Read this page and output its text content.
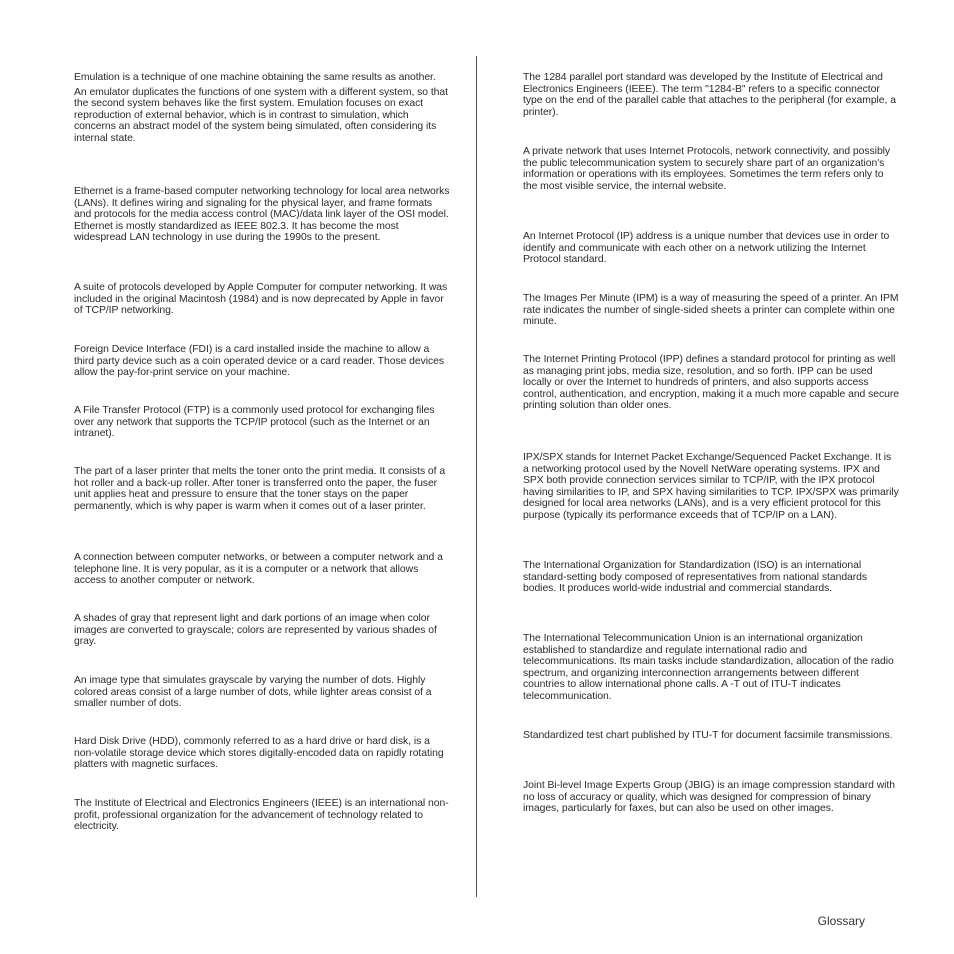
Emulation is a technique of one machine obtaining the same results as another.

An emulator duplicates the functions of one system with a different system, so that the second system behaves like the first system. Emulation focuses on exact reproduction of external behavior, which is in contrast to simulation, which concerns an abstract model of the system being simulated, often considering its internal state.

Ethernet is a frame-based computer networking technology for local area networks (LANs). It defines wiring and signaling for the physical layer, and frame formats and protocols for the media access control (MAC)/data link layer of the OSI model. Ethernet is mostly standardized as IEEE 802.3. It has become the most widespread LAN technology in use during the 1990s to the present.

A suite of protocols developed by Apple Computer for computer networking. It was included in the original Macintosh (1984) and is now deprecated by Apple in favor of TCP/IP networking.

Foreign Device Interface (FDI) is a card installed inside the machine to allow a third party device such as a coin operated device or a card reader. Those devices allow the pay-for-print service on your machine.

A File Transfer Protocol (FTP) is a commonly used protocol for exchanging files over any network that supports the TCP/IP protocol (such as the Internet or an intranet).

The part of a laser printer that melts the toner onto the print media. It consists of a hot roller and a back-up roller. After toner is transferred onto the paper, the fuser unit applies heat and pressure to ensure that the toner stays on the paper permanently, which is why paper is warm when it comes out of a laser printer.

A connection between computer networks, or between a computer network and a telephone line. It is very popular, as it is a computer or a network that allows access to another computer or network.

A shades of gray that represent light and dark portions of an image when color images are converted to grayscale; colors are represented by various shades of gray.

An image type that simulates grayscale by varying the number of dots. Highly colored areas consist of a large number of dots, while lighter areas consist of a smaller number of dots.

Hard Disk Drive (HDD), commonly referred to as a hard drive or hard disk, is a non-volatile storage device which stores digitally-encoded data on rapidly rotating platters with magnetic surfaces.

The Institute of Electrical and Electronics Engineers (IEEE) is an international non-profit, professional organization for the advancement of technology related to electricity.

The 1284 parallel port standard was developed by the Institute of Electrical and Electronics Engineers (IEEE). The term "1284-B" refers to a specific connector type on the end of the parallel cable that attaches to the peripheral (for example, a printer).

A private network that uses Internet Protocols, network connectivity, and possibly the public telecommunication system to securely share part of an organization's information or operations with its employees. Sometimes the term refers only to the most visible service, the internal website.

An Internet Protocol (IP) address is a unique number that devices use in order to identify and communicate with each other on a network utilizing the Internet Protocol standard.

The Images Per Minute (IPM) is a way of measuring the speed of a printer. An IPM rate indicates the number of single-sided sheets a printer can complete within one minute.

The Internet Printing Protocol (IPP) defines a standard protocol for printing as well as managing print jobs, media size, resolution, and so forth. IPP can be used locally or over the Internet to hundreds of printers, and also supports access control, authentication, and encryption, making it a much more capable and secure printing solution than older ones.

IPX/SPX stands for Internet Packet Exchange/Sequenced Packet Exchange. It is a networking protocol used by the Novell NetWare operating systems. IPX and SPX both provide connection services similar to TCP/IP, with the IPX protocol having similarities to IP, and SPX having similarities to TCP. IPX/SPX was primarily designed for local area networks (LANs), and is a very efficient protocol for this purpose (typically its performance exceeds that of TCP/IP on a LAN).

The International Organization for Standardization (ISO) is an international standard-setting body composed of representatives from national standards bodies. It produces world-wide industrial and commercial standards.

The International Telecommunication Union is an international organization established to standardize and regulate international radio and telecommunications. Its main tasks include standardization, allocation of the radio spectrum, and organizing interconnection arrangements between different countries to allow international phone calls. A -T out of ITU-T indicates telecommunication.

Standardized test chart published by ITU-T for document facsimile transmissions.

Joint Bi-level Image Experts Group (JBIG) is an image compression standard with no loss of accuracy or quality, which was designed for compression of binary images, particularly for faxes, but can also be used on other images.

Glossary
